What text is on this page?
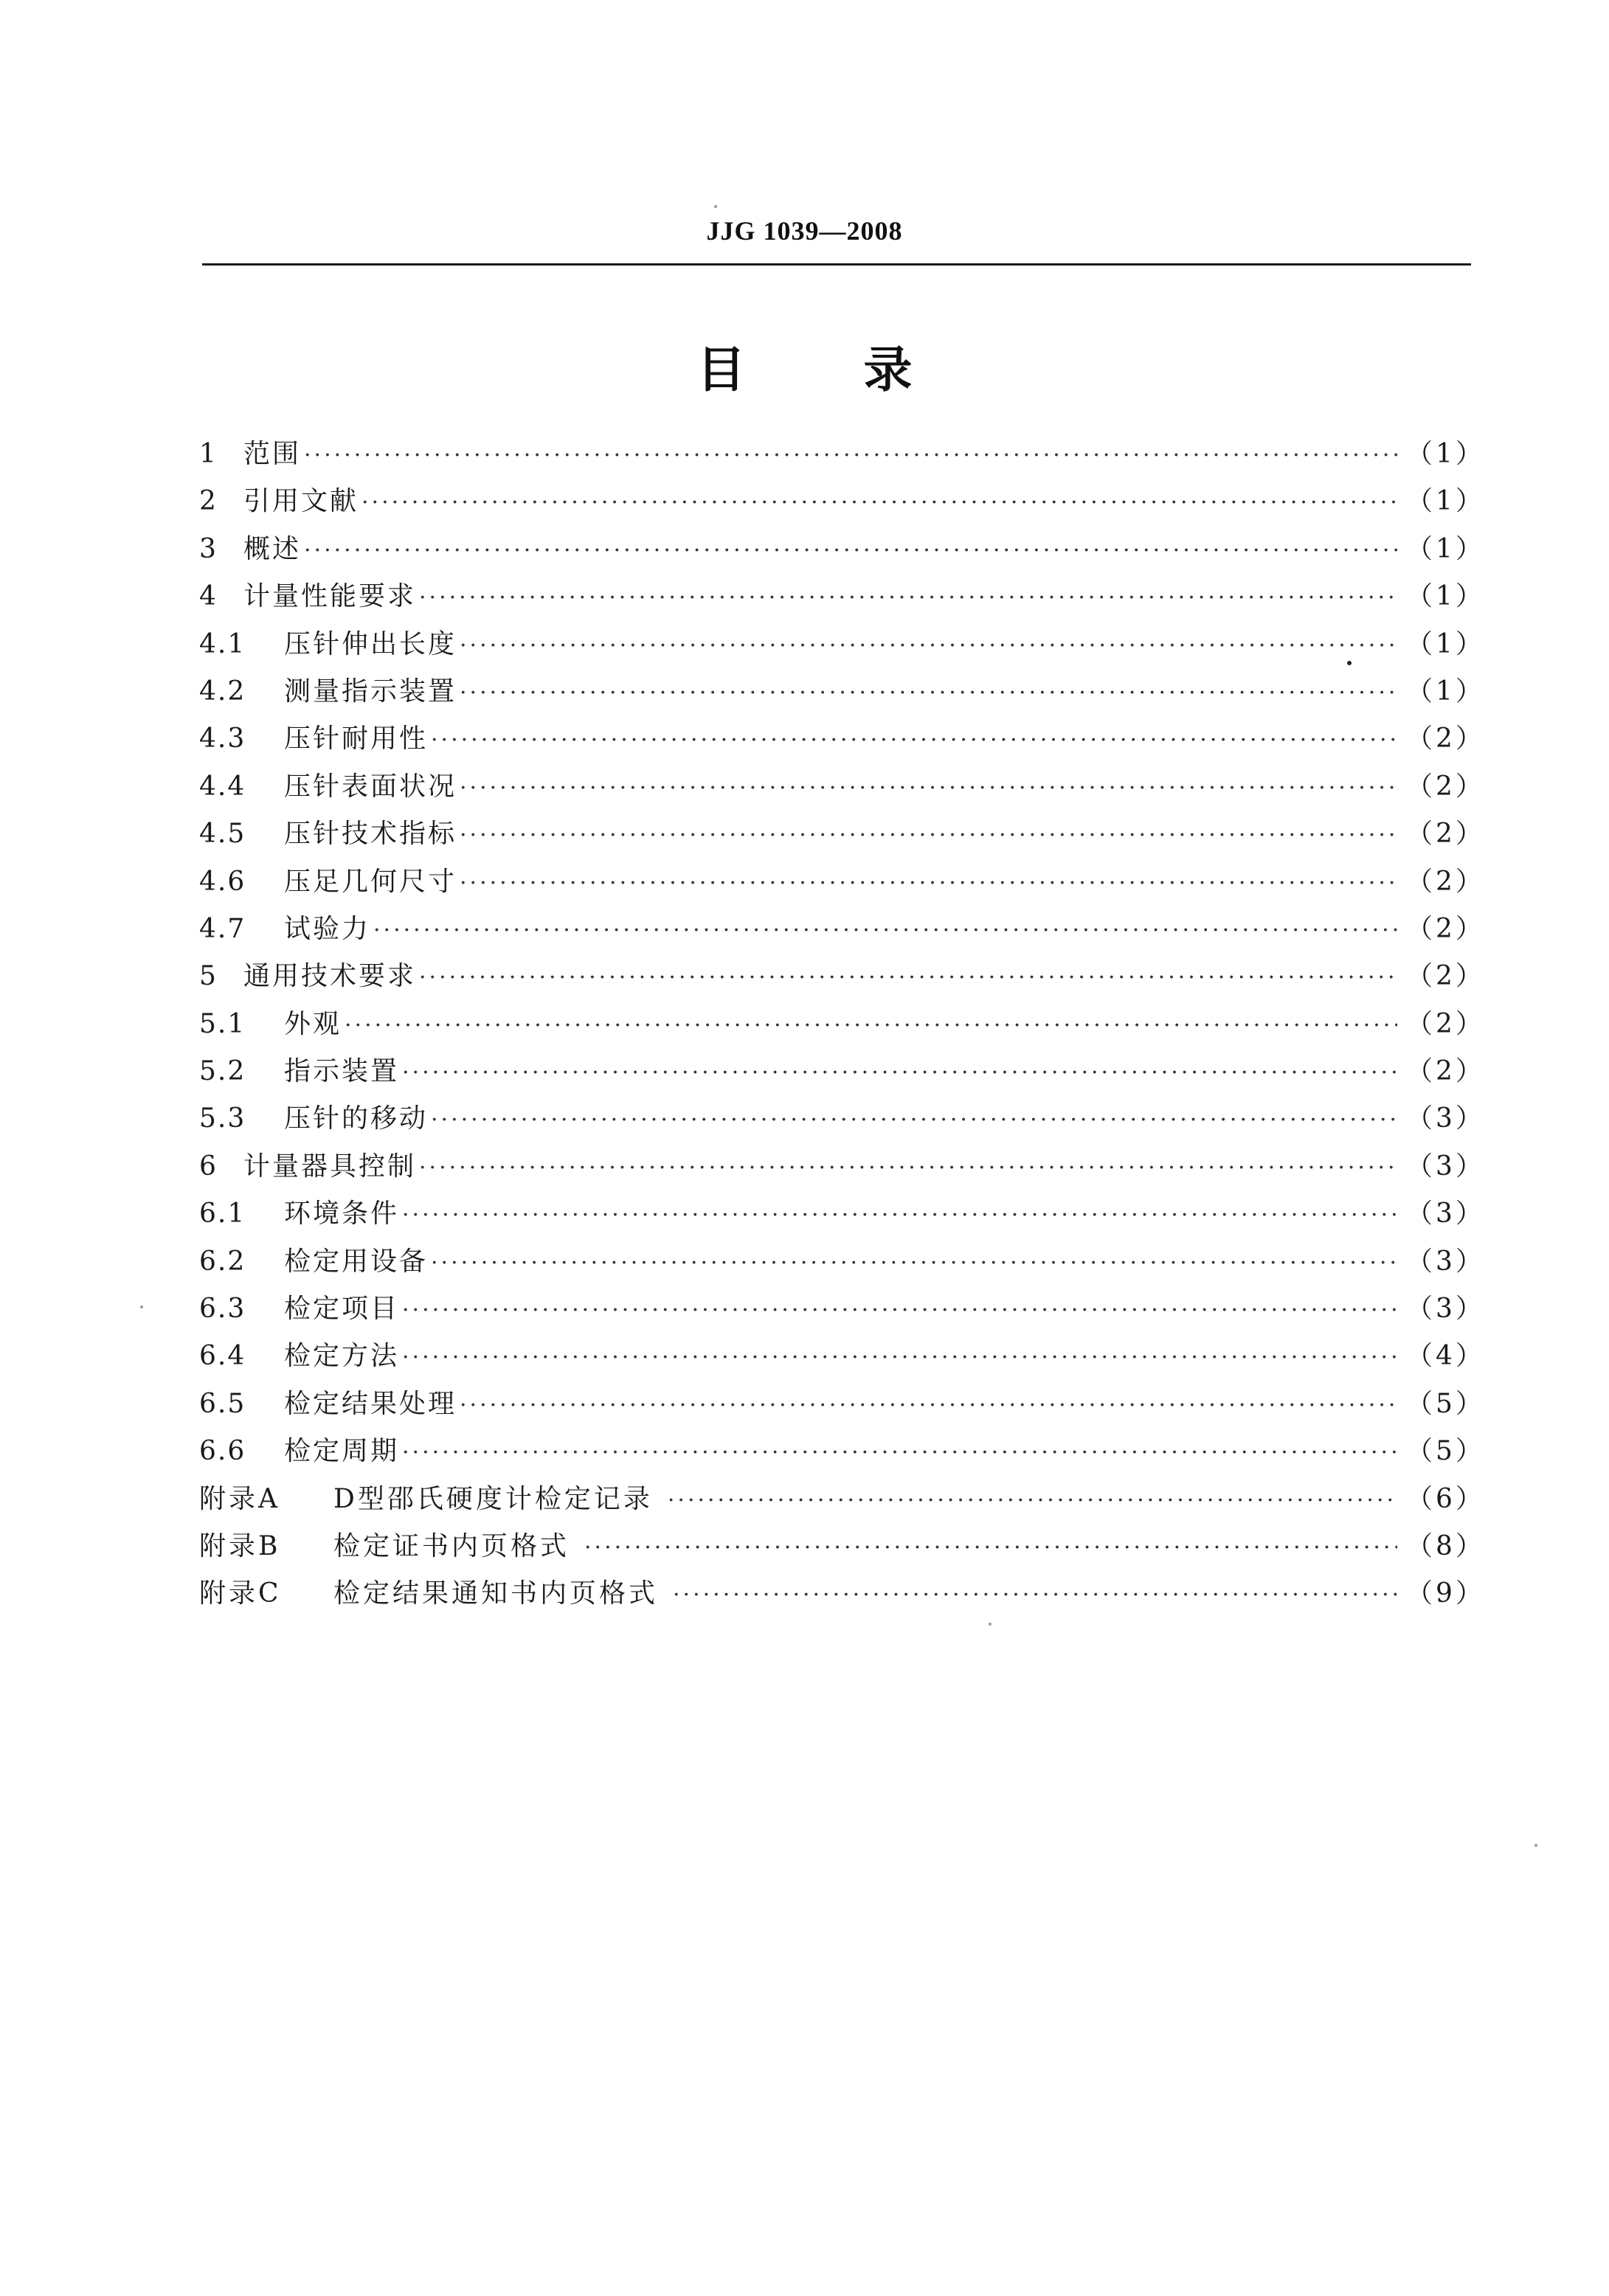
JJG 1039—2008
目录
1 范围 ·····	（1）
2 引用文献 ·····	（1）
3 概述 ·····	（1）
4 计量性能要求 ·····	（1）
4.1	压针伸出长度 ·····	（1）
4.2	测量指示装置 ·····	（1）
4.3	压针耐用性 ·····	（2）
4.4	压针表面状况 ·····	（2）
4.5	压针技术指标 ·····	（2）
4.6	压足几何尺寸 ·····	（2）
4.7	试验力 ·····	（2）
5 通用技术要求 ·····	（2）
5.1	外观 ·····	（2）
5.2	指示装置 ·····	（2）
5.3	压针的移动 ·····	（3）
6 计量器具控制 ·····	（3）
6.1	环境条件 ·····	（3）
6.2	检定用设备 ·····	（3）
6.3	检定项目 ·····	（3）
6.4	检定方法 ·····	（4）
6.5	检定结果处理 ·····	（5）
6.6	检定周期 ·····	（5）
附录A	D型邵氏硬度计检定记录 ·····	（6）
附录B	检定证书内页格式 ·····	（8）
附录C	检定结果通知书内页格式 ·····	（9）
